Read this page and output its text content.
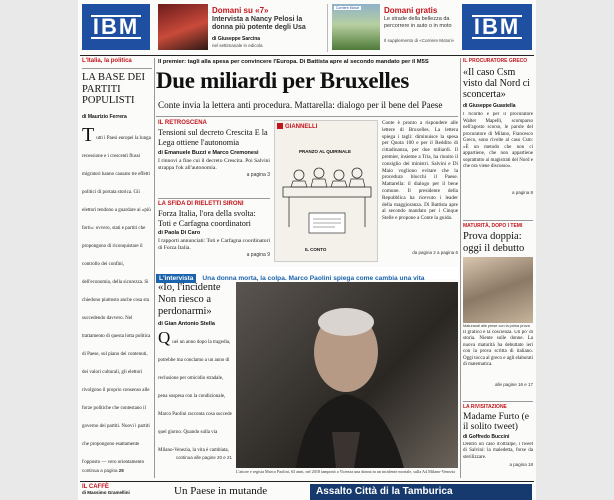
IBM	IBM
Domani su «7»
Intervista a Nancy Pelosi la donna più potente degli Usa
di Giuseppe Sarcina
nel settimanale in edicola
Corriere Motori	Domani gratis
Le strade della bellezza da percorrere in auto o in moto
Il supplemento di «Corriere Motori»
L'Italia, la politica
LA BASE DEI PARTITI POPULISTI
di Maurizio Ferrera
T utti i Paesi europei la lunga recessione e i crescenti flussi migratori hanno causato tre effetti politici di portata storica. Gli elettori tendono a guardare ai «più forti»: ovvero, stati e partiti che propongono di riconquistare il controllo dei confini, dell'economia, della sicurezza. Si chiedono piuttosto anche cosa sta succedendo davvero. Nel trattamento di questa lotta politica di Paese, sul piano dei contenuti, dei valori culturali, gli elettori rivolgono il proprio consenso alle forze politiche che contestano il governo dei partiti. Nuovi i partiti che propongono esattamente l'opposto — vero orientamento
continua a pagina 28
Il premier: tagli alla spesa per convincere l'Europa. Di Battista apre al secondo mandato per il M5S
Due miliardi per Bruxelles
Conte invia la lettera anti procedura. Mattarella: dialogo per il bene del Paese
IL RETROSCENA
Tensioni sul decreto Crescita E la Lega ottiene l'autonomia
di Emanuele Buzzi e Marco Cremonesi
I rinnovi a fine cui il decreto Crescita. Poi Salvini strappa l'ok all'autonomia.
a pagina 3
LA SFIDA DI RIELETTI SIRONI
Forza Italia, l'ora della svolta: Toti e Carfagna coordinatori
di Paola Di Caro
I rapporti annunciati: Toti e Carfagna coordinatori di Forza Italia.
a pagina 9
GIANNELLI
PRANZO AL QUIRINALE
IL CONTO
Conte è pronto a rispondere alle lettere di Bruxelles. La lettera spiega i tagli: diminuisce la spesa per Quota 100 e per il Reddito di cittadinanza, per due miliardi. Il premier, insieme a Tria, ha riunito il consiglio dei ministri. Salvini e Di Maio vogliono evitare che la procedura blocchi il Paese. Mattarella: il dialogo per il bene comune. Il presidente della Repubblica ha ricevuto i leader della maggioranza. Di Battista apre al secondo mandato per i Cinque Stelle e propone a Conte la guida.
da pagina 2 a pagina 6
L'intervista Una donna morta, la colpa. Marco Paolini spiega come cambia una vita
«Io, l'incidente Non riesco a perdonarmi»
di Gian Antonio Stella
Q uei un anno dopo la tragedia, potrebbe ma conclamo a un anno di reclusione per omicidio stradale, pena sospesa con la condizionale, Marco Paolini racconta cosa succede quel giorno. Quando sulla via Milano-Venezia, la vita è cambiata,
continua alle pagine 20 e 21
L'attore e regista Marco Paolini, 63 anni, nel 2018 tamponò a Vicenza una donna in un incidente mortale, sulla A4 Milano-Venezia
IL PROCURATORE GRECO
«Il caso Csm visto dal Nord ci sconcerta»
di Giuseppe Guastella
l ricordo è per il procuratore Walter Mapelli, scomparso nell'agosto scorso, le parole del procuratore di Milano, Francesco Greco, sono rivolte al caso Csm: «È un metodo che non ci appartiene, che non appartiene soprattutto ai magistrati del Nord e che ora viene discusso».
a pagina 8
MATURITÀ, DOPO I TEMI
Prova doppia: oggi il debutto
Maturandi alle prese con la prima prova
Il grafico e la coscienza. Un po' di storia. Niente sulle donne. La nuova maturità ha debuttato ieri con la prova scritta di italiano. Oggi tocca al greco e agli elaborati di matematica.
alle pagine 16 e 17
LA RIVISITAZIONE
Madame Furto (e il solito tweet)
di Goffredo Buccini
Dentro un caso d'oltralpe, i tweet di Salvini: la maledetta, forse da sterilizzare.
a pagina 18
IL CAFFÈ
di Massimo Gramellini	Un Paese in mutande	Assalto Città di la Tamburica
